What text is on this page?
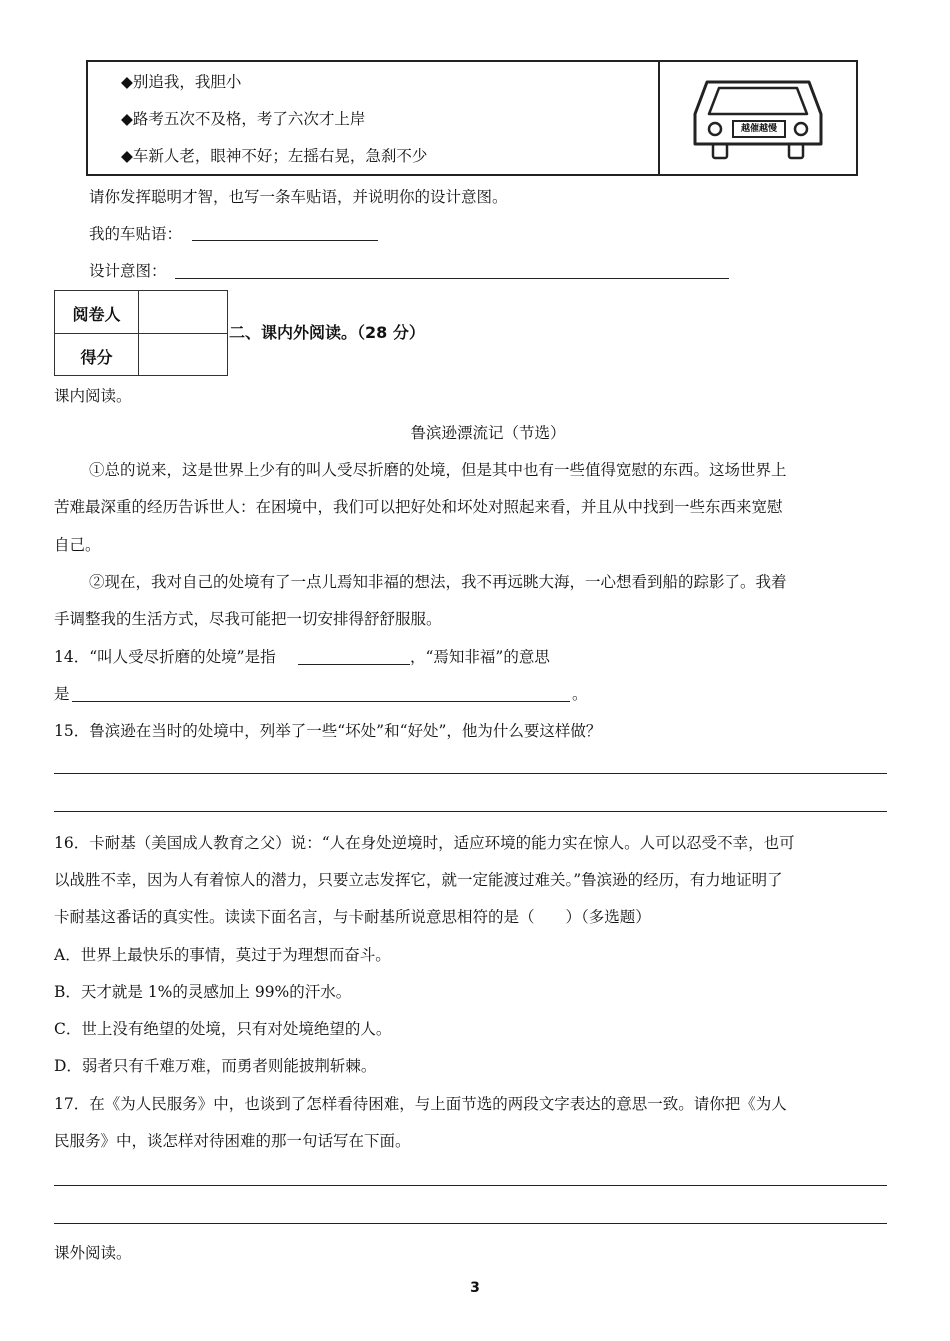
◆别追我，我胆小
◆路考五次不及格，考了六次才上岸
◆车新人老，眼神不好；左摇右晃，急刹不少
越催越慢
请你发挥聪明才智，也写一条车贴语，并说明你的设计意图。
我的车贴语：
设计意图：
阅卷人
得分
二、课内外阅读。（28 分）
课内阅读。
鲁滨逊漂流记（节选）
①总的说来，这是世界上少有的叫人受尽折磨的处境，但是其中也有一些值得宽慰的东西。这场世界上
苦难最深重的经历告诉世人：在困境中，我们可以把好处和坏处对照起来看，并且从中找到一些东西来宽慰
自己。
②现在，我对自己的处境有了一点儿焉知非福的想法，我不再远眺大海，一心想看到船的踪影了。我着
手调整我的生活方式，尽我可能把一切安排得舒舒服服。
14．“叫人受尽折磨的处境”是指	，“焉知非福”的意思
是	。
15．鲁滨逊在当时的处境中，列举了一些“坏处”和“好处”，他为什么要这样做？
16．卡耐基（美国成人教育之父）说：“人在身处逆境时，适应环境的能力实在惊人。人可以忍受不幸，也可
以战胜不幸，因为人有着惊人的潜力，只要立志发挥它，就一定能渡过难关。”鲁滨逊的经历，有力地证明了
卡耐基这番话的真实性。读读下面名言，与卡耐基所说意思相符的是（　　）（多选题）
A．世界上最快乐的事情，莫过于为理想而奋斗。
B．天才就是 1%的灵感加上 99%的汗水。
C．世上没有绝望的处境，只有对处境绝望的人。
D．弱者只有千难万难，而勇者则能披荆斩棘。
17．在《为人民服务》中，也谈到了怎样看待困难，与上面节选的两段文字表达的意思一致。请你把《为人
民服务》中，谈怎样对待困难的那一句话写在下面。
课外阅读。
3
